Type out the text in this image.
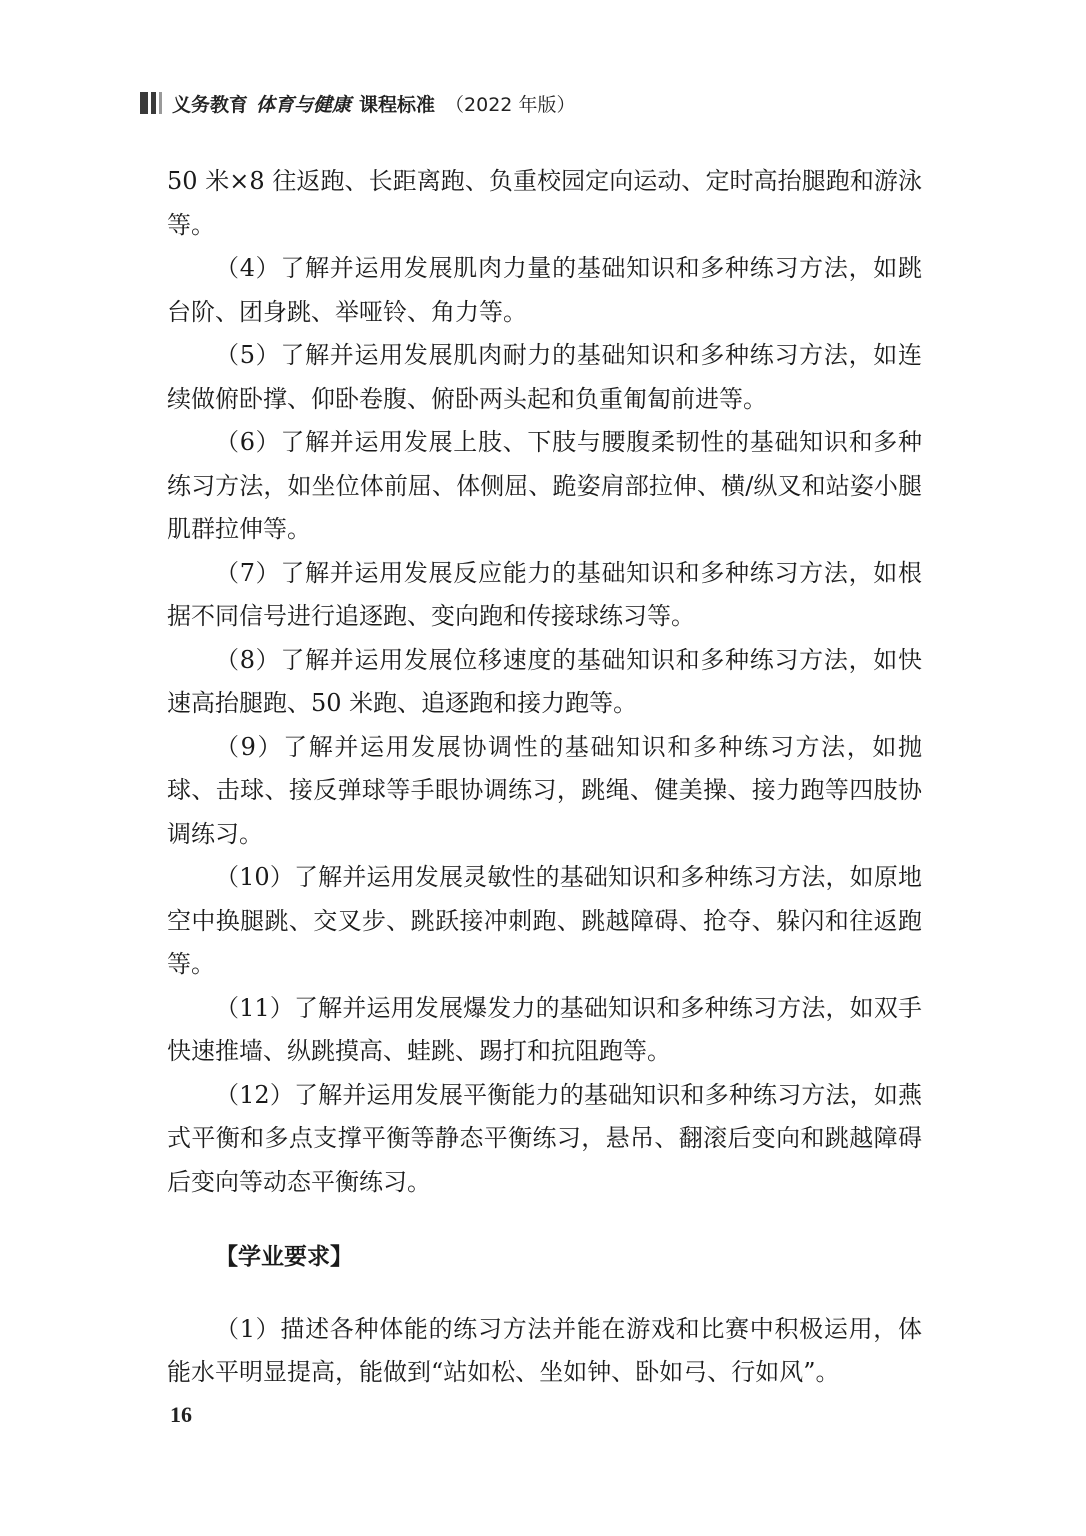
义务教育 体育与健康 课程标准 （2022 年版）

50 米×8 往返跑、长距离跑、负重校园定向运动、定时高抬腿跑和游泳等。

（4）了解并运用发展肌肉力量的基础知识和多种练习方法，如跳台阶、团身跳、举哑铃、角力等。

（5）了解并运用发展肌肉耐力的基础知识和多种练习方法，如连续做俯卧撑、仰卧卷腹、俯卧两头起和负重匍匐前进等。

（6）了解并运用发展上肢、下肢与腰腹柔韧性的基础知识和多种练习方法，如坐位体前屈、体侧屈、跪姿肩部拉伸、横/纵叉和站姿小腿肌群拉伸等。

（7）了解并运用发展反应能力的基础知识和多种练习方法，如根据不同信号进行追逐跑、变向跑和传接球练习等。

（8）了解并运用发展位移速度的基础知识和多种练习方法，如快速高抬腿跑、50 米跑、追逐跑和接力跑等。

（9）了解并运用发展协调性的基础知识和多种练习方法，如抛球、击球、接反弹球等手眼协调练习，跳绳、健美操、接力跑等四肢协调练习。

（10）了解并运用发展灵敏性的基础知识和多种练习方法，如原地空中换腿跳、交叉步、跳跃接冲刺跑、跳越障碍、抢夺、躲闪和往返跑等。

（11）了解并运用发展爆发力的基础知识和多种练习方法，如双手快速推墙、纵跳摸高、蛙跳、踢打和抗阻跑等。

（12）了解并运用发展平衡能力的基础知识和多种练习方法，如燕式平衡和多点支撑平衡等静态平衡练习，悬吊、翻滚后变向和跳越障碍后变向等动态平衡练习。

【学业要求】

（1）描述各种体能的练习方法并能在游戏和比赛中积极运用，体能水平明显提高，能做到“站如松、坐如钟、卧如弓、行如风”。

16
